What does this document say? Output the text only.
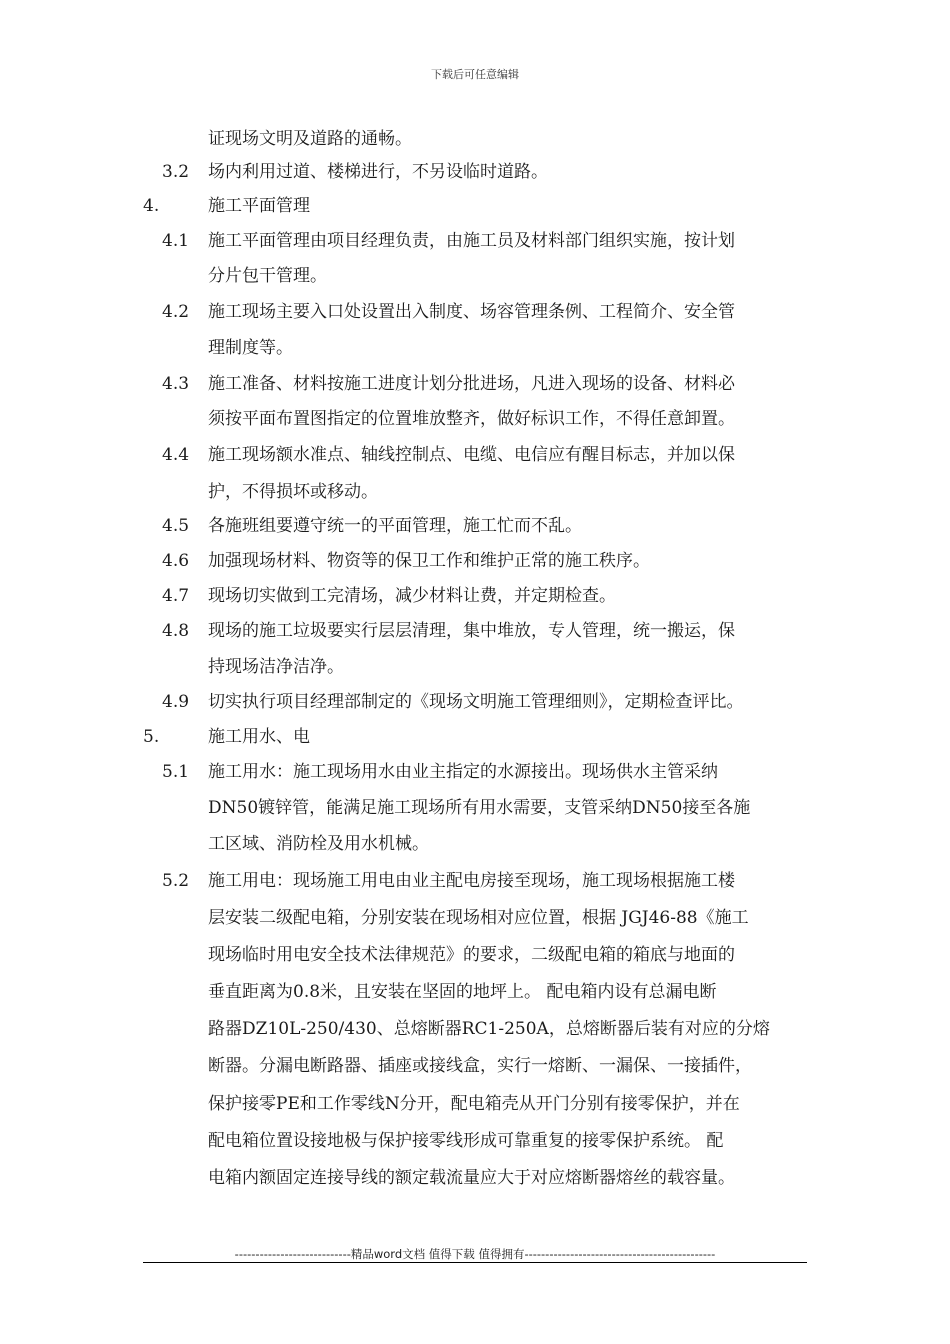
下载后可任意编辑
证现场文明及道路的通畅。
3.2 场内利用过道、楼梯进行，不另设临时道路。
4.	施工平面管理
4.1 施工平面管理由项目经理负责，由施工员及材料部门组织实施，按计划
分片包干管理。
4.2 施工现场主要入口处设置出入制度、场容管理条例、工程简介、安全管
理制度等。
4.3 施工准备、材料按施工进度计划分批进场，凡进入现场的设备、材料必
须按平面布置图指定的位置堆放整齐，做好标识工作，不得任意卸置。
4.4 施工现场额水准点、轴线控制点、电缆、电信应有醒目标志，并加以保
护，不得损坏或移动。
4.5 各施班组要遵守统一的平面管理，施工忙而不乱。
4.6 加强现场材料、物资等的保卫工作和维护正常的施工秩序。
4.7 现场切实做到工完清场，减少材料让费，并定期检查。
4.8 现场的施工垃圾要实行层层清理，集中堆放，专人管理，统一搬运，保
持现场洁净洁净。
4.9 切实执行项目经理部制定的《现场文明施工管理细则》，定期检查评比。
5.	施工用水、电
5.1 施工用水：施工现场用水由业主指定的水源接出。现场供水主管采纳
DN50镀锌管，能满足施工现场所有用水需要，支管采纳DN50接至各施
工区域、消防栓及用水机械。
5.2 施工用电：现场施工用电由业主配电房接至现场，施工现场根据施工楼
层安装二级配电箱，分别安装在现场相对应位置，根据 JGJ46-88《施工
现场临时用电安全技术法律规范》的要求，二级配电箱的箱底与地面的
垂直距离为0.8米，且安装在坚固的地坪上。 配电箱内设有总漏电断
路器DZ10L-250/430、总熔断器RC1-250A，总熔断器后装有对应的分熔
断器。分漏电断路器、插座或接线盒，实行一熔断、一漏保、一接插件，
保护接零PE和工作零线N分开，配电箱壳从开门分别有接零保护，并在
配电箱位置设接地极与保护接零线形成可靠重复的接零保护系统。 配
电箱内额固定连接导线的额定载流量应大于对应熔断器熔丝的载容量。
----------------------------精品word文档 值得下载 值得拥有----------------------------------------------
